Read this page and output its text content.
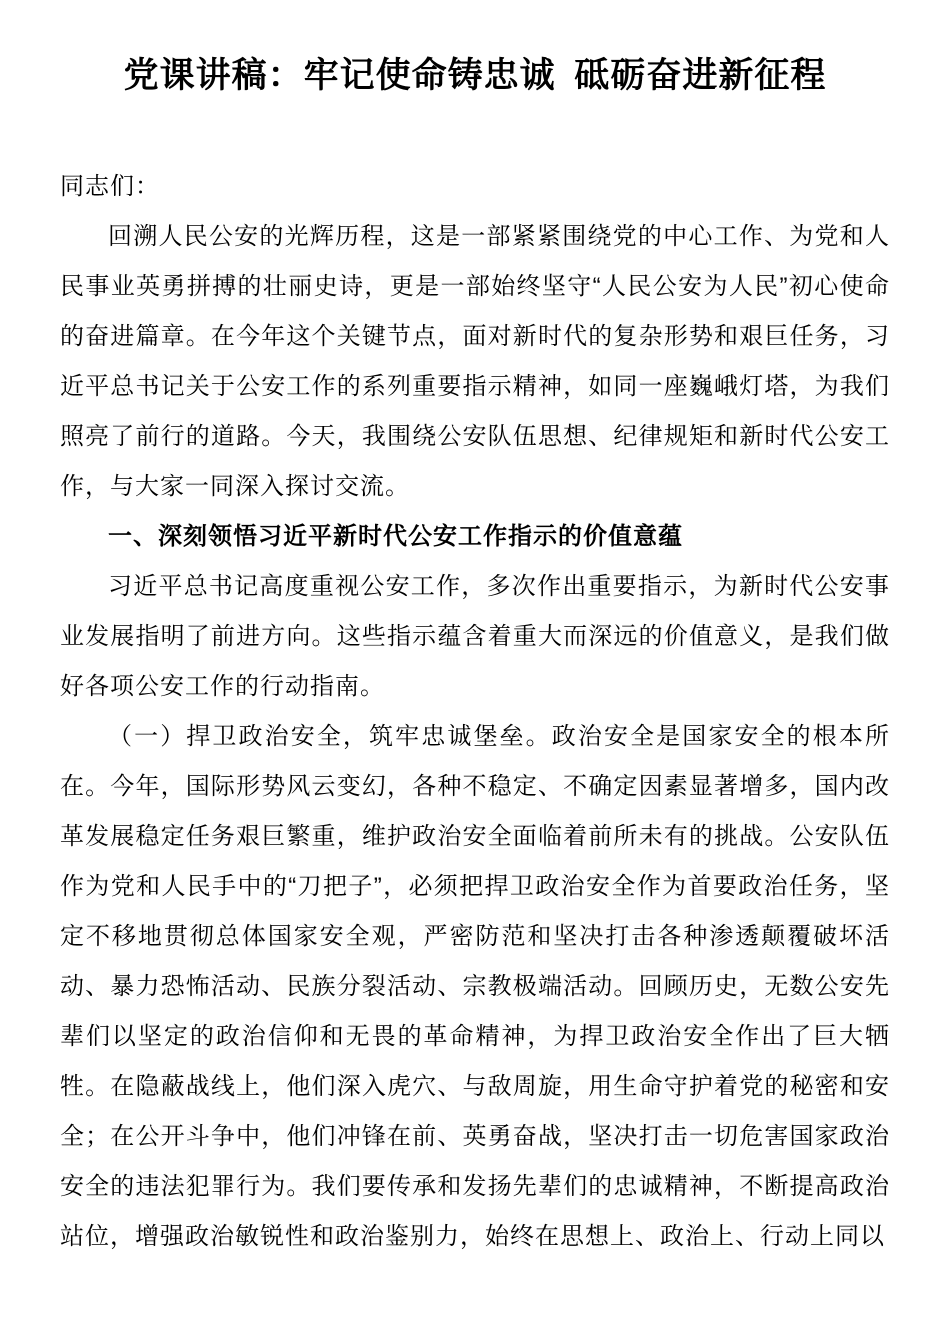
党课讲稿：牢记使命铸忠诚 砥砺奋进新征程

同志们：

回溯人民公安的光辉历程，这是一部紧紧围绕党的中心工作、为党和人民事业英勇拼搏的壮丽史诗，更是一部始终坚守“人民公安为人民”初心使命的奋进篇章。在今年这个关键节点，面对新时代的复杂形势和艰巨任务，习近平总书记关于公安工作的系列重要指示精神，如同一座巍峨灯塔，为我们照亮了前行的道路。今天，我围绕公安队伍思想、纪律规矩和新时代公安工作，与大家一同深入探讨交流。

一、深刻领悟习近平新时代公安工作指示的价值意蕴

习近平总书记高度重视公安工作，多次作出重要指示，为新时代公安事业发展指明了前进方向。这些指示蕴含着重大而深远的价值意义，是我们做好各项公安工作的行动指南。

（一）捍卫政治安全，筑牢忠诚堡垒。政治安全是国家安全的根本所在。今年，国际形势风云变幻，各种不稳定、不确定因素显著增多，国内改革发展稳定任务艰巨繁重，维护政治安全面临着前所未有的挑战。公安队伍作为党和人民手中的“刀把子”，必须把捍卫政治安全作为首要政治任务，坚定不移地贯彻总体国家安全观，严密防范和坚决打击各种渗透颠覆破坏活动、暴力恐怖活动、民族分裂活动、宗教极端活动。回顾历史，无数公安先辈们以坚定的政治信仰和无畏的革命精神，为捍卫政治安全作出了巨大牺牲。在隐蔽战线上，他们深入虎穴、与敌周旋，用生命守护着党的秘密和安全；在公开斗争中，他们冲锋在前、英勇奋战，坚决打击一切危害国家政治安全的违法犯罪行为。我们要传承和发扬先辈们的忠诚精神，不断提高政治站位，增强政治敏锐性和政治鉴别力，始终在思想上、政治上、行动上同以
